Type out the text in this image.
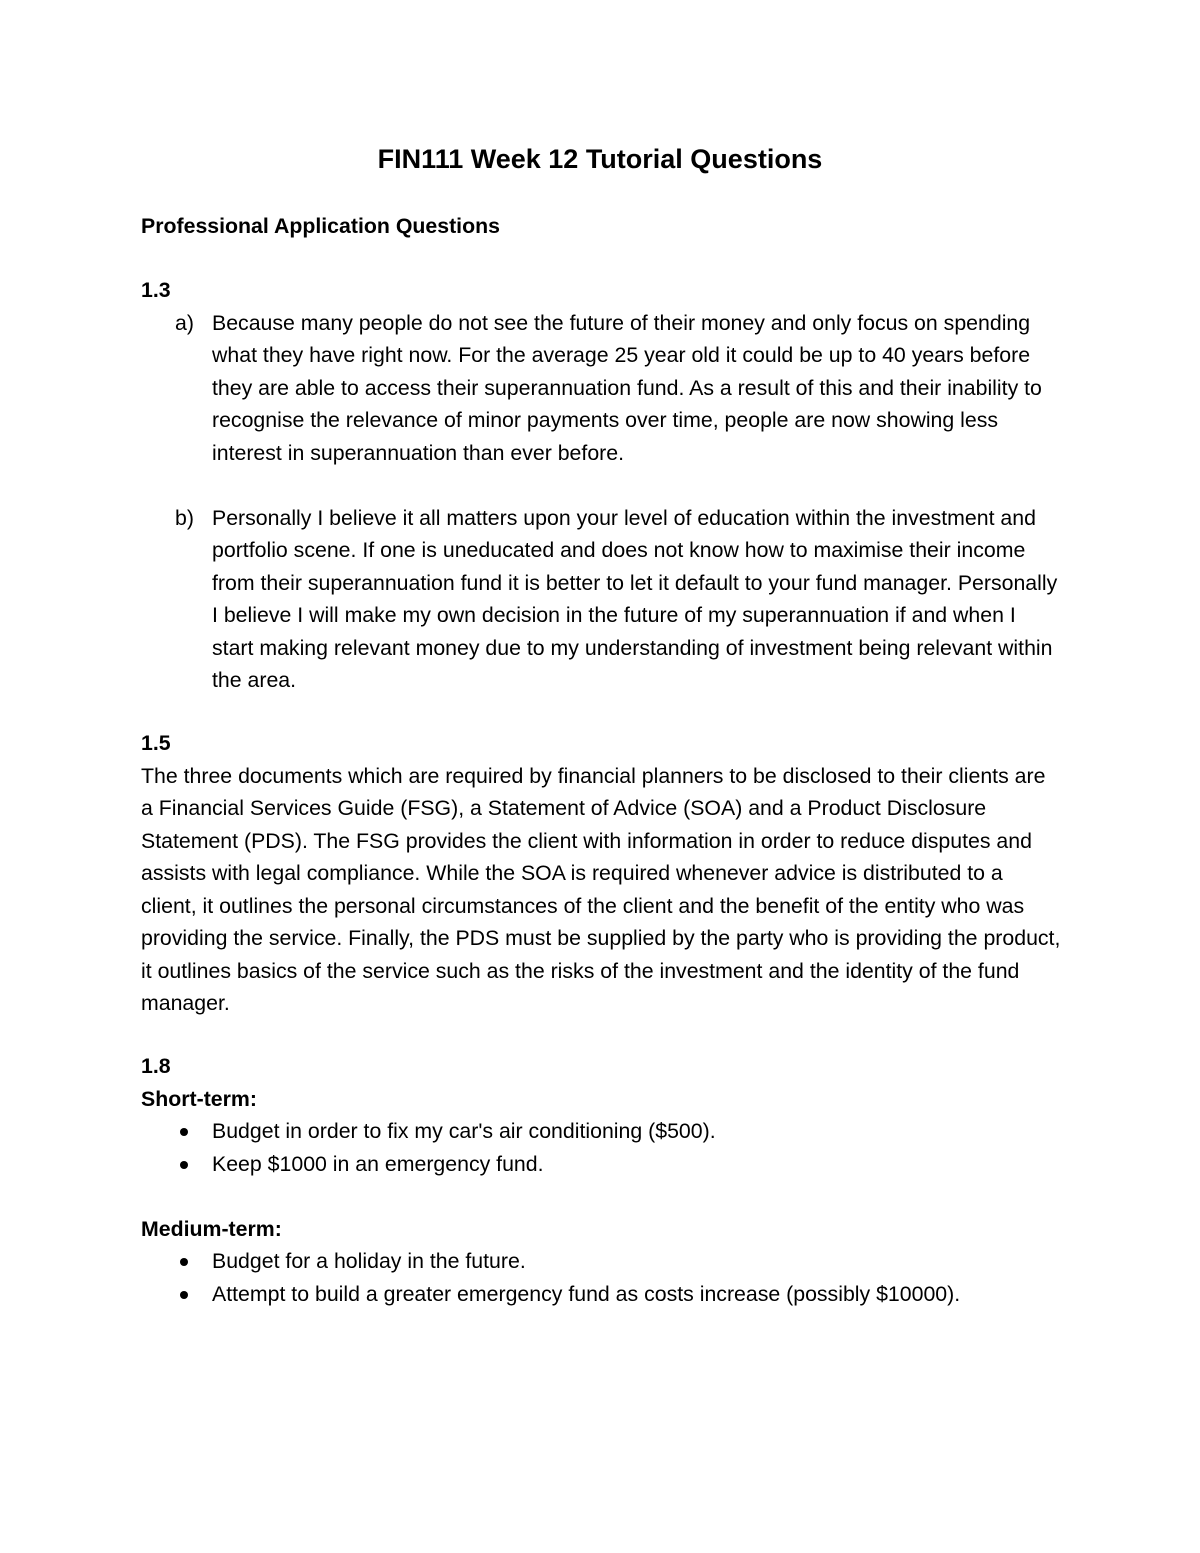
FIN111 Week 12 Tutorial Questions

Professional Application Questions

1.3

a) Because many people do not see the future of their money and only focus on spending what they have right now. For the average 25 year old it could be up to 40 years before they are able to access their superannuation fund. As a result of this and their inability to recognise the relevance of minor payments over time, people are now showing less interest in superannuation than ever before.

b) Personally I believe it all matters upon your level of education within the investment and portfolio scene. If one is uneducated and does not know how to maximise their income from their superannuation fund it is better to let it default to your fund manager. Personally I believe I will make my own decision in the future of my superannuation if and when I start making relevant money due to my understanding of investment being relevant within the area.

1.5

The three documents which are required by financial planners to be disclosed to their clients are a Financial Services Guide (FSG), a Statement of Advice (SOA) and a Product Disclosure Statement (PDS). The FSG provides the client with information in order to reduce disputes and assists with legal compliance. While the SOA is required whenever advice is distributed to a client, it outlines the personal circumstances of the client and the benefit of the entity who was providing the service. Finally, the PDS must be supplied by the party who is providing the product, it outlines basics of the service such as the risks of the investment and the identity of the fund manager.

1.8

Short-term:

Budget in order to fix my car's air conditioning ($500).

Keep $1000 in an emergency fund.

Medium-term:

Budget for a holiday in the future.

Attempt to build a greater emergency fund as costs increase (possibly $10000).
